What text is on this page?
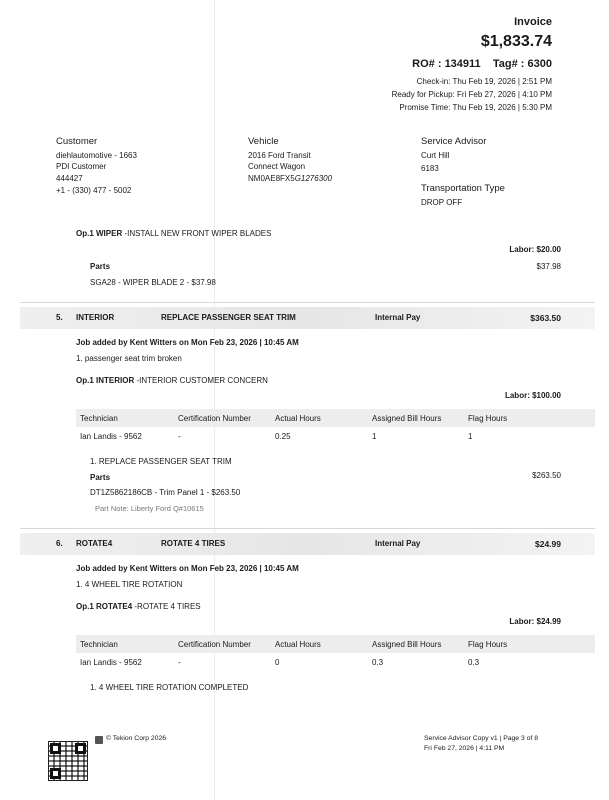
Invoice
$1,833.74
RO# : 134911    Tag# : 6300
Check-in: Thu Feb 19, 2026 | 2:51 PM
Ready for Pickup: Fri Feb 27, 2026 | 4:10 PM
Promise Time: Thu Feb 19, 2026 | 5:30 PM
Customer
diehlautomotive - 1663
PDI Customer
444427
+1 - (330) 477 - 5002
Vehicle
2016 Ford Transit
Connect Wagon
NM0AE8FX5G1276300
Service Advisor
Curt Hill
6183
Transportation Type
DROP OFF
Op.1 WIPER -INSTALL NEW FRONT WIPER BLADES
Labor: $20.00
Parts	$37.98
SGA28 - WIPER BLADE 2 - $37.98
5. INTERIOR	REPLACE PASSENGER SEAT TRIM	Internal Pay	$363.50
Job added by Kent Witters on Mon Feb 23, 2026 | 10:45 AM
1. passenger seat trim broken
Op.1 INTERIOR -INTERIOR CUSTOMER CONCERN
Labor: $100.00
Technician	Certification Number	Actual Hours	Assigned Bill Hours	Flag Hours
Ian Landis - 9562	-	0.25	1	1
1. REPLACE PASSENGER SEAT TRIM
$263.50
Parts
DT1Z5862186CB - Trim Panel 1 - $263.50
Part Note: Liberty Ford Q#10615
6. ROTATE4	ROTATE 4 TIRES	Internal Pay	$24.99
Job added by Kent Witters on Mon Feb 23, 2026 | 10:45 AM
1. 4 WHEEL TIRE ROTATION
Op.1 ROTATE4 -ROTATE 4 TIRES
Labor: $24.99
Technician	Certification Number	Actual Hours	Assigned Bill Hours	Flag Hours
Ian Landis - 9562	-	0	0.3	0.3
1. 4 WHEEL TIRE ROTATION COMPLETED
© Tekion Corp 2026	Service Advisor Copy v1 | Page 3 of 8
Fri Feb 27, 2026 | 4:11 PM
